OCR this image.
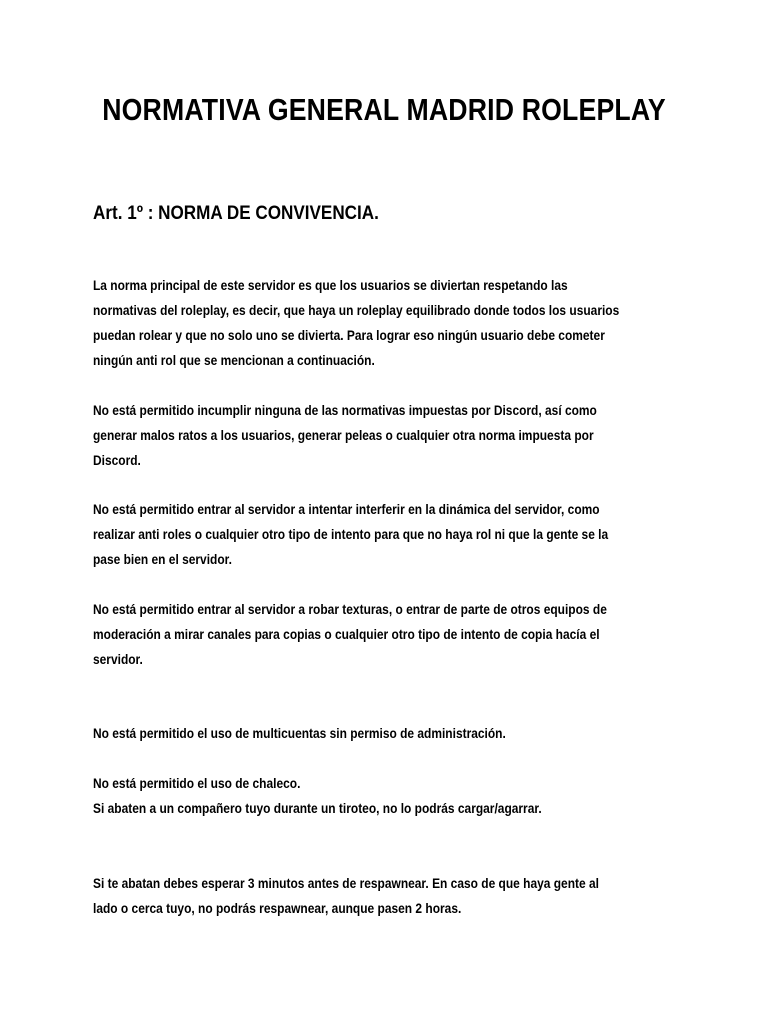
NORMATIVA GENERAL MADRID ROLEPLAY
Art. 1º : NORMA DE CONVIVENCIA.

La norma principal de este servidor es que los usuarios se diviertan respetando las
normativas del roleplay, es decir, que haya un roleplay equilibrado donde todos los usuarios
puedan rolear y que no solo uno se divierta. Para lograr eso ningún usuario debe cometer
ningún anti rol que se mencionan a continuación.

No está permitido incumplir ninguna de las normativas impuestas por Discord, así como
generar malos ratos a los usuarios, generar peleas o cualquier otra norma impuesta por
Discord.

No está permitido entrar al servidor a intentar interferir en la dinámica del servidor, como
realizar anti roles o cualquier otro tipo de intento para que no haya rol ni que la gente se la
pase bien en el servidor.

No está permitido entrar al servidor a robar texturas, o entrar de parte de otros equipos de
moderación a mirar canales para copias o cualquier otro tipo de intento de copia hacía el
servidor.

No está permitido el uso de multicuentas sin permiso de administración.

No está permitido el uso de chaleco.
Si abaten a un compañero tuyo durante un tiroteo, no lo podrás cargar/agarrar.

Si te abatan debes esperar 3 minutos antes de respawnear. En caso de que haya gente al
lado o cerca tuyo, no podrás respawnear, aunque pasen 2 horas.
